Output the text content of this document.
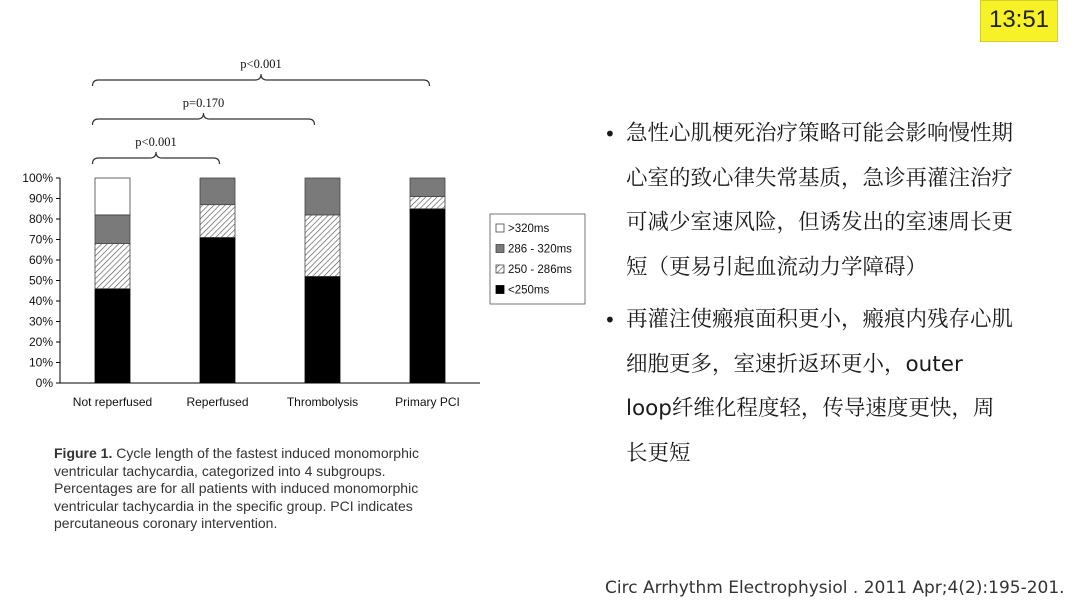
13:51
0%
10%
20%
30%
40%
50%
60%
70%
80%
90%
100%
Not reperfused	Reperfused	Thrombolysis	Primary PCI
>320ms
286 - 320ms
250 - 286ms
<250ms
p<0.001
p=0.170
p<0.001
Figure 1. Cycle length of the fastest induced monomorphic ventricular tachycardia, categorized into 4 subgroups. Percentages are for all patients with induced monomorphic ventricular tachycardia in the specific group. PCI indicates percutaneous coronary intervention.
• 急性心肌梗死治疗策略可能会影响慢性期心室的致心律失常基质，急诊再灌注治疗可减少室速风险，但诱发出的室速周长更短（更易引起血流动力学障碍）
• 再灌注使瘢痕面积更小，瘢痕内残存心肌细胞更多，室速折返环更小，outer loop纤维化程度轻，传导速度更快，周长更短
Circ Arrhythm Electrophysiol . 2011 Apr;4(2):195-201.
